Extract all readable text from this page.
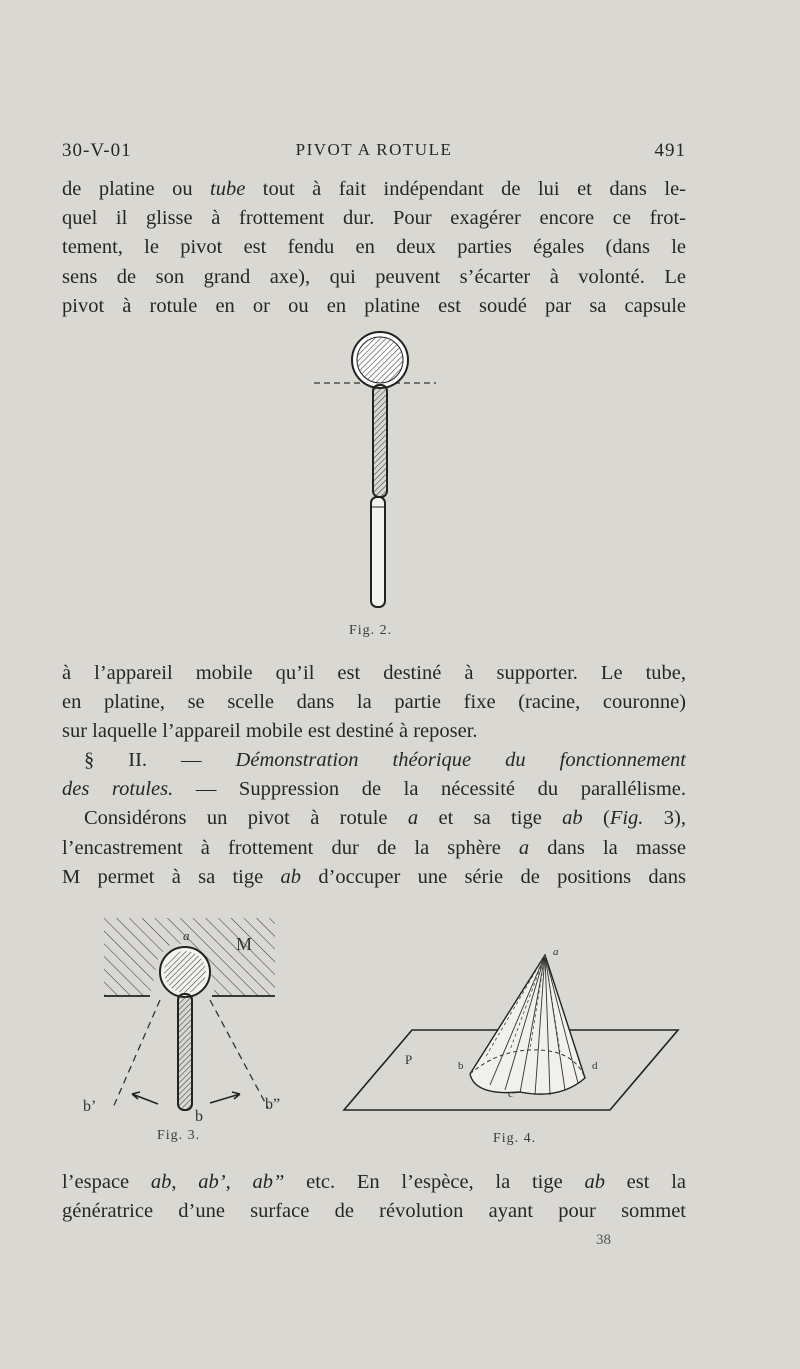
30-V-01	PIVOT A ROTULE	491
de platine ou tube tout à fait indépendant de lui et dans le-
quel il glisse à frottement dur. Pour exagérer encore ce frot-
tement, le pivot est fendu en deux parties égales (dans le
sens de son grand axe), qui peuvent s’écarter à volonté. Le
pivot à rotule en or ou en platine est soudé par sa capsule
Fig. 2.
à l’appareil mobile qu’il est destiné à supporter. Le tube,
en platine, se scelle dans la partie fixe (racine, couronne)
sur laquelle l’appareil mobile est destiné à reposer.
§ II. — Démonstration théorique du fonctionnement
des rotules. — Suppression de la nécessité du parallélisme.
Considérons un pivot à rotule a et sa tige ab (Fig. 3),
l’encastrement à frottement dur de la sphère a dans la masse
M permet à sa tige ab d’occuper une série de positions dans
a	M
b’
b
b”
Fig. 3.
a
P	b
c
d
Fig. 4.
l’espace ab, ab’, ab” etc. En l’espèce, la tige ab est la
génératrice d’une surface de révolution ayant pour sommet
38
